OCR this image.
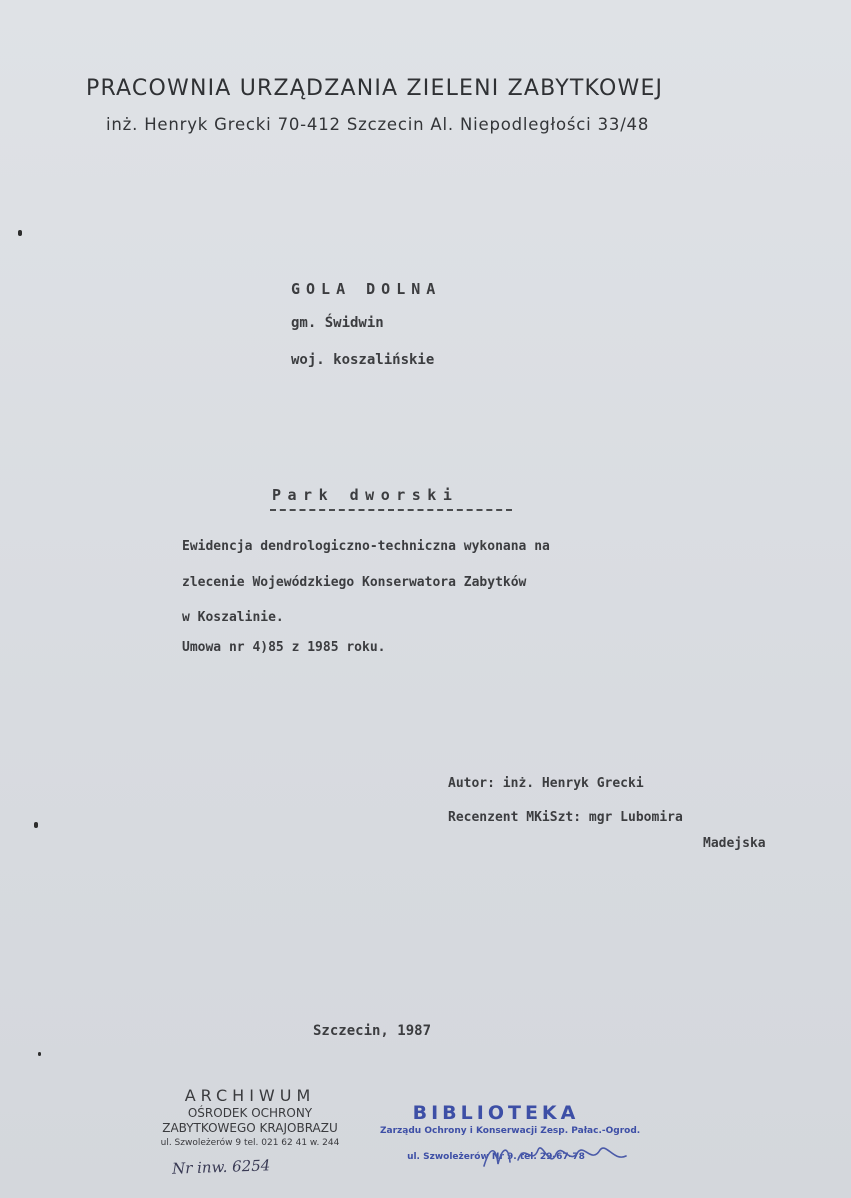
PRACOWNIA URZĄDZANIA ZIELENI ZABYTKOWEJ
inż. Henryk Grecki 70-412 Szczecin Al. Niepodległości 33/48
GOLA DOLNA
gm. Świdwin
woj. koszalińskie
Park dworski
Ewidencja dendrologiczno-techniczna wykonana na
zlecenie Wojewódzkiego Konserwatora Zabytków
w Koszalinie.
Umowa nr 4)85 z 1985 roku.
Autor: inż. Henryk Grecki
Recenzent MKiSzt: mgr Lubomira
Madejska
Szczecin, 1987
ARCHIWUM
OŚRODEK OCHRONY
ZABYTKOWEGO KRAJOBRAZU
ul. Szwoleżerów 9 tel. 021 62 41 w. 244
Nr inw. 6254
BIBLIOTEKA
Zarządu Ochrony i Konserwacji Zesp. Pałac.-Ogrod.
ul. Szwoleżerów Nr 9. tel. 29-67-78
